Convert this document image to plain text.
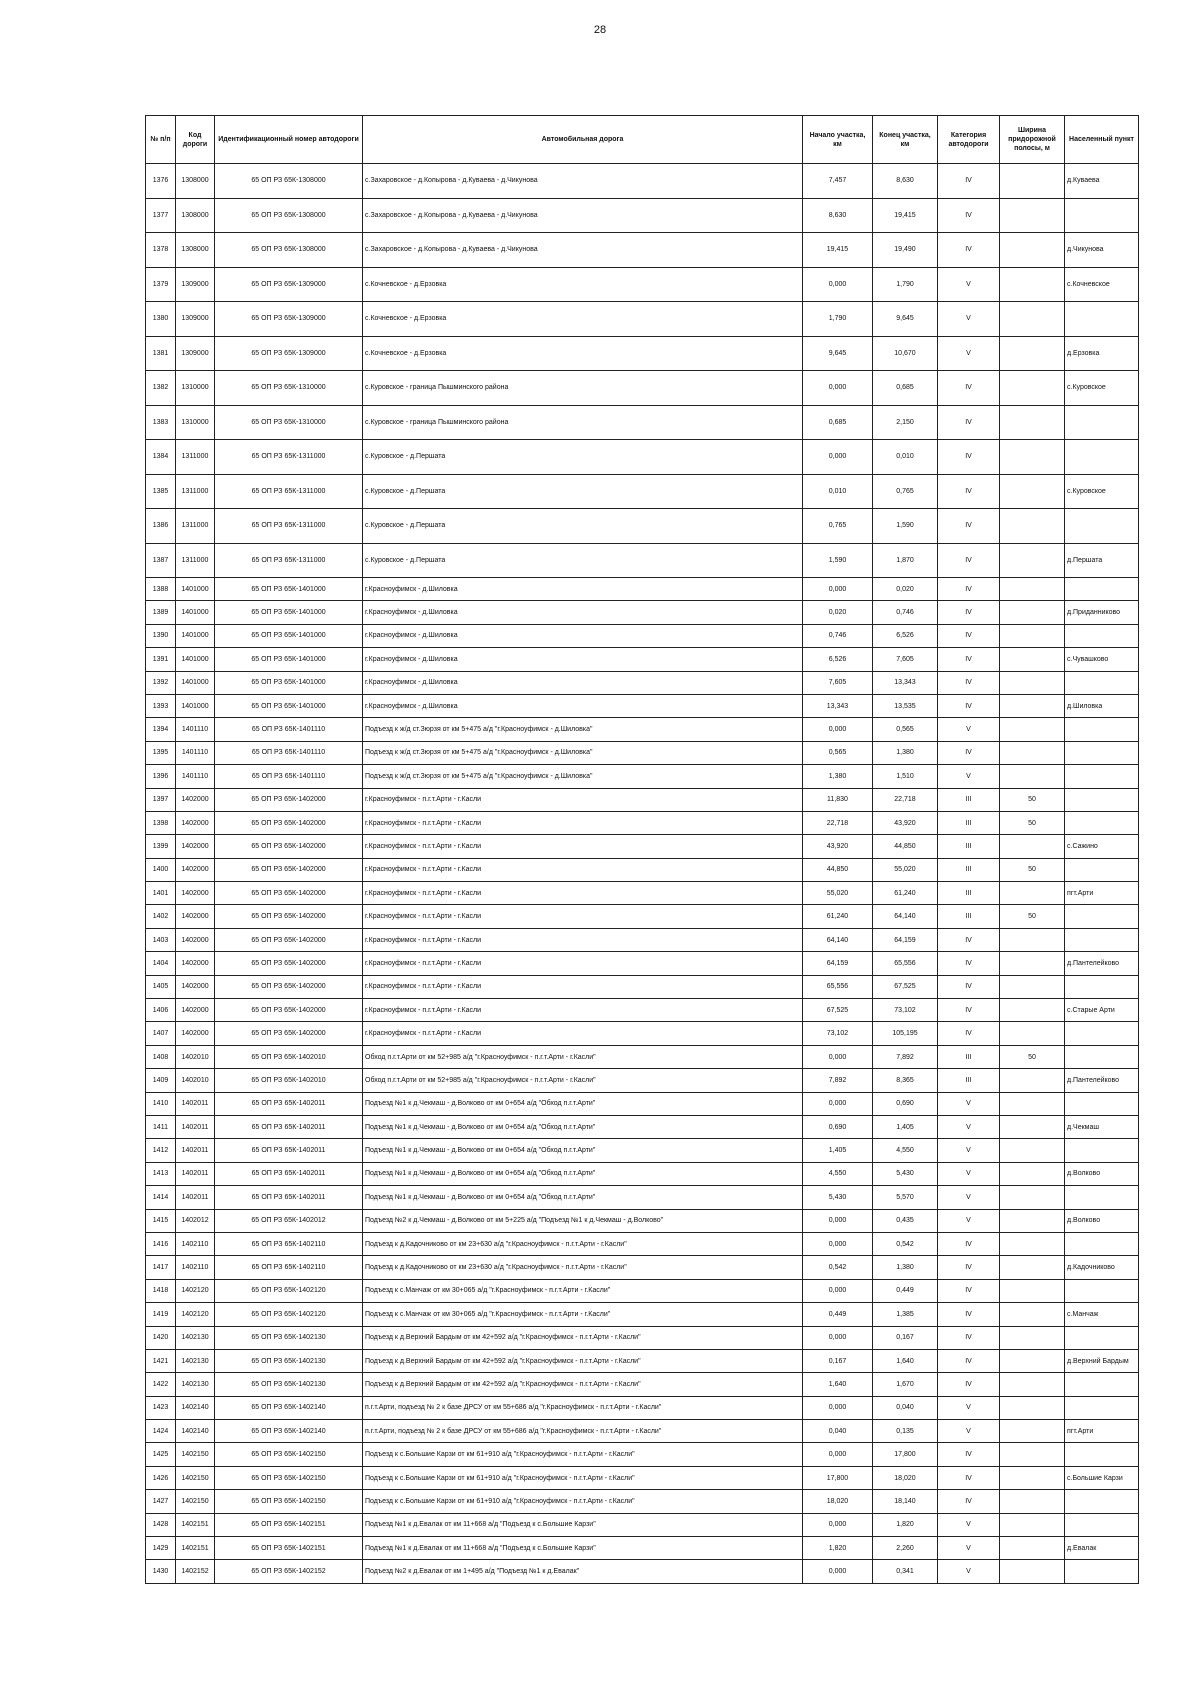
28
№ п/п	Код дороги	Идентификационный номер автодороги	Автомобильная дорога	Начало участка, км	Конец участка, км	Категория автодороги	Ширина придорожной полосы, м	Населенный пункт
1376	1308000	65 ОП РЗ 65К-1308000	с.Захаровское - д.Копырова - д.Куваева - д.Чикунова	7,457	8,630	IV		д.Куваева
1377	1308000	65 ОП РЗ 65К-1308000	с.Захаровское - д.Копырова - д.Куваева - д.Чикунова	8,630	19,415	IV		
1378	1308000	65 ОП РЗ 65К-1308000	с.Захаровское - д.Копырова - д.Куваева - д.Чикунова	19,415	19,490	IV		д.Чикунова
1379	1309000	65 ОП РЗ 65К-1309000	с.Кочневское - д.Ерзовка	0,000	1,790	V		с.Кочневское
1380	1309000	65 ОП РЗ 65К-1309000	с.Кочневское - д.Ерзовка	1,790	9,645	V		
1381	1309000	65 ОП РЗ 65К-1309000	с.Кочневское - д.Ерзовка	9,645	10,670	V		д.Ерзовка
1382	1310000	65 ОП РЗ 65К-1310000	с.Куровское - граница Пышминского района	0,000	0,685	IV		с.Куровское
1383	1310000	65 ОП РЗ 65К-1310000	с.Куровское - граница Пышминского района	0,685	2,150	IV		
1384	1311000	65 ОП РЗ 65К-1311000	с.Куровское - д.Першата	0,000	0,010	IV		
1385	1311000	65 ОП РЗ 65К-1311000	с.Куровское - д.Першата	0,010	0,765	IV		с.Куровское
1386	1311000	65 ОП РЗ 65К-1311000	с.Куровское - д.Першата	0,765	1,590	IV		
1387	1311000	65 ОП РЗ 65К-1311000	с.Куровское - д.Першата	1,590	1,870	IV		д.Першата
1388	1401000	65 ОП РЗ 65К-1401000	г.Красноуфимск - д.Шиловка	0,000	0,020	IV		
1389	1401000	65 ОП РЗ 65К-1401000	г.Красноуфимск - д.Шиловка	0,020	0,746	IV		д.Приданниково
1390	1401000	65 ОП РЗ 65К-1401000	г.Красноуфимск - д.Шиловка	0,746	6,526	IV		
1391	1401000	65 ОП РЗ 65К-1401000	г.Красноуфимск - д.Шиловка	6,526	7,605	IV		с.Чувашково
1392	1401000	65 ОП РЗ 65К-1401000	г.Красноуфимск - д.Шиловка	7,605	13,343	IV		
1393	1401000	65 ОП РЗ 65К-1401000	г.Красноуфимск - д.Шиловка	13,343	13,535	IV		д.Шиловка
1394	1401110	65 ОП РЗ 65К-1401110	Подъезд к ж/д ст.Зюрзя от км 5+475 а/д "г.Красноуфимск - д.Шиловка"	0,000	0,565	V		
1395	1401110	65 ОП РЗ 65К-1401110	Подъезд к ж/д ст.Зюрзя от км 5+475 а/д "г.Красноуфимск - д.Шиловка"	0,565	1,380	IV		
1396	1401110	65 ОП РЗ 65К-1401110	Подъезд к ж/д ст.Зюрзя от км 5+475 а/д "г.Красноуфимск - д.Шиловка"	1,380	1,510	V		
1397	1402000	65 ОП РЗ 65К-1402000	г.Красноуфимск - п.г.т.Арти - г.Касли	11,830	22,718	III	50	
1398	1402000	65 ОП РЗ 65К-1402000	г.Красноуфимск - п.г.т.Арти - г.Касли	22,718	43,920	III	50	
1399	1402000	65 ОП РЗ 65К-1402000	г.Красноуфимск - п.г.т.Арти - г.Касли	43,920	44,850	III		с.Сажино
1400	1402000	65 ОП РЗ 65К-1402000	г.Красноуфимск - п.г.т.Арти - г.Касли	44,850	55,020	III	50	
1401	1402000	65 ОП РЗ 65К-1402000	г.Красноуфимск - п.г.т.Арти - г.Касли	55,020	61,240	III		пгт.Арти
1402	1402000	65 ОП РЗ 65К-1402000	г.Красноуфимск - п.г.т.Арти - г.Касли	61,240	64,140	III	50	
1403	1402000	65 ОП РЗ 65К-1402000	г.Красноуфимск - п.г.т.Арти - г.Касли	64,140	64,159	IV		
1404	1402000	65 ОП РЗ 65К-1402000	г.Красноуфимск - п.г.т.Арти - г.Касли	64,159	65,556	IV		д.Пантелейково
1405	1402000	65 ОП РЗ 65К-1402000	г.Красноуфимск - п.г.т.Арти - г.Касли	65,556	67,525	IV		
1406	1402000	65 ОП РЗ 65К-1402000	г.Красноуфимск - п.г.т.Арти - г.Касли	67,525	73,102	IV		с.Старые Арти
1407	1402000	65 ОП РЗ 65К-1402000	г.Красноуфимск - п.г.т.Арти - г.Касли	73,102	105,195	IV		
1408	1402010	65 ОП РЗ 65К-1402010	Обход п.г.т.Арти от км 52+985 а/д "г.Красноуфимск - п.г.т.Арти - г.Касли"	0,000	7,892	III	50	
1409	1402010	65 ОП РЗ 65К-1402010	Обход п.г.т.Арти от км 52+985 а/д "г.Красноуфимск - п.г.т.Арти - г.Касли"	7,892	8,365	III		д.Пантелейково
1410	1402011	65 ОП РЗ 65К-1402011	Подъезд №1 к д.Чекмаш - д.Волково от км 0+654 а/д "Обход п.г.т.Арти"	0,000	0,690	V		
1411	1402011	65 ОП РЗ 65К-1402011	Подъезд №1 к д.Чекмаш - д.Волково от км 0+654 а/д "Обход п.г.т.Арти"	0,690	1,405	V		д.Чекмаш
1412	1402011	65 ОП РЗ 65К-1402011	Подъезд №1 к д.Чекмаш - д.Волково от км 0+654 а/д "Обход п.г.т.Арти"	1,405	4,550	V		
1413	1402011	65 ОП РЗ 65К-1402011	Подъезд №1 к д.Чекмаш - д.Волково от км 0+654 а/д "Обход п.г.т.Арти"	4,550	5,430	V		д.Волково
1414	1402011	65 ОП РЗ 65К-1402011	Подъезд №1 к д.Чекмаш - д.Волково от км 0+654 а/д "Обход п.г.т.Арти"	5,430	5,570	V		
1415	1402012	65 ОП РЗ 65К-1402012	Подъезд №2 к д.Чекмаш - д.Волково от км 5+225 а/д "Подъезд №1 к д.Чекмаш - д.Волково"	0,000	0,435	V		д.Волково
1416	1402110	65 ОП РЗ 65К-1402110	Подъезд к д.Кадочниково от км 23+630 а/д "г.Красноуфимск - п.г.т.Арти - г.Касли"	0,000	0,542	IV		
1417	1402110	65 ОП РЗ 65К-1402110	Подъезд к д.Кадочниково от км 23+630 а/д "г.Красноуфимск - п.г.т.Арти - г.Касли"	0,542	1,380	IV		д.Кадочниково
1418	1402120	65 ОП РЗ 65К-1402120	Подъезд к с.Манчаж от км 30+065 а/д "г.Красноуфимск - п.г.т.Арти - г.Касли"	0,000	0,449	IV		
1419	1402120	65 ОП РЗ 65К-1402120	Подъезд к с.Манчаж от км 30+065 а/д "г.Красноуфимск - п.г.т.Арти - г.Касли"	0,449	1,385	IV		с.Манчаж
1420	1402130	65 ОП РЗ 65К-1402130	Подъезд к д.Верхний Бардым от км 42+592 а/д "г.Красноуфимск - п.г.т.Арти - г.Касли"	0,000	0,167	IV		
1421	1402130	65 ОП РЗ 65К-1402130	Подъезд к д.Верхний Бардым от км 42+592 а/д "г.Красноуфимск - п.г.т.Арти - г.Касли"	0,167	1,640	IV		д.Верхний Бардым
1422	1402130	65 ОП РЗ 65К-1402130	Подъезд к д.Верхний Бардым от км 42+592 а/д "г.Красноуфимск - п.г.т.Арти - г.Касли"	1,640	1,670	IV		
1423	1402140	65 ОП РЗ 65К-1402140	п.г.т.Арти, подъезд № 2 к базе ДРСУ от км 55+686 а/д "г.Красноуфимск - п.г.т.Арти - г.Касли"	0,000	0,040	V		
1424	1402140	65 ОП РЗ 65К-1402140	п.г.т.Арти, подъезд № 2 к базе ДРСУ от км 55+686 а/д "г.Красноуфимск - п.г.т.Арти - г.Касли"	0,040	0,135	V		пгт.Арти
1425	1402150	65 ОП РЗ 65К-1402150	Подъезд к с.Большие Карзи от км 61+910 а/д "г.Красноуфимск - п.г.т.Арти - г.Касли"	0,000	17,800	IV		
1426	1402150	65 ОП РЗ 65К-1402150	Подъезд к с.Большие Карзи от км 61+910 а/д "г.Красноуфимск - п.г.т.Арти - г.Касли"	17,800	18,020	IV		с.Большие Карзи
1427	1402150	65 ОП РЗ 65К-1402150	Подъезд к с.Большие Карзи от км 61+910 а/д "г.Красноуфимск - п.г.т.Арти - г.Касли"	18,020	18,140	IV		
1428	1402151	65 ОП РЗ 65К-1402151	Подъезд №1 к д.Евалак от км 11+668 а/д "Подъезд к с.Большие Карзи"	0,000	1,820	V		
1429	1402151	65 ОП РЗ 65К-1402151	Подъезд №1 к д.Евалак от км 11+668 а/д "Подъезд к с.Большие Карзи"	1,820	2,260	V		д.Евалак
1430	1402152	65 ОП РЗ 65К-1402152	Подъезд №2 к д.Евалак от км 1+495 а/д "Подъезд №1 к д.Евалак"	0,000	0,341	V		
